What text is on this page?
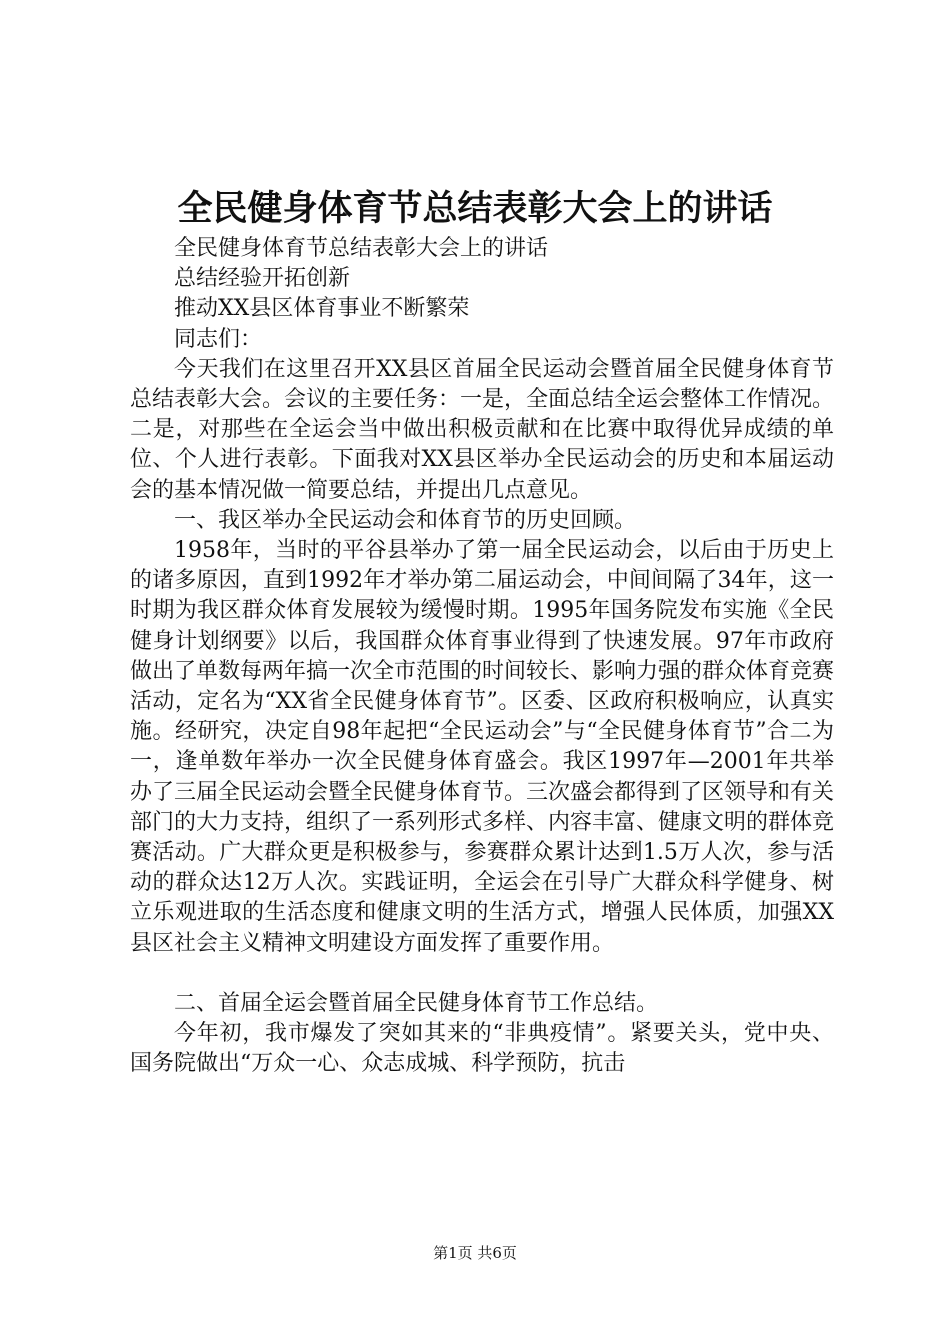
全民健身体育节总结表彰大会上的讲话

全民健身体育节总结表彰大会上的讲话

总结经验开拓创新

推动XX县区体育事业不断繁荣

同志们：

今天我们在这里召开XX县区首届全民运动会暨首届全民健身体育节总结表彰大会。会议的主要任务：一是，全面总结全运会整体工作情况。二是，对那些在全运会当中做出积极贡献和在比赛中取得优异成绩的单位、个人进行表彰。下面我对XX县区举办全民运动会的历史和本届运动会的基本情况做一简要总结，并提出几点意见。

一、我区举办全民运动会和体育节的历史回顾。

1958年，当时的平谷县举办了第一届全民运动会，以后由于历史上的诸多原因，直到1992年才举办第二届运动会，中间间隔了34年，这一时期为我区群众体育发展较为缓慢时期。1995年国务院发布实施《全民健身计划纲要》以后，我国群众体育事业得到了快速发展。97年市政府做出了单数每两年搞一次全市范围的时间较长、影响力强的群众体育竞赛活动，定名为“XX省全民健身体育节”。区委、区政府积极响应，认真实施。经研究，决定自98年起把“全民运动会”与“全民健身体育节”合二为一，逢单数年举办一次全民健身体育盛会。我区1997年—2001年共举办了三届全民运动会暨全民健身体育节。三次盛会都得到了区领导和有关部门的大力支持，组织了一系列形式多样、内容丰富、健康文明的群体竞赛活动。广大群众更是积极参与，参赛群众累计达到1.5万人次，参与活动的群众达12万人次。实践证明，全运会在引导广大群众科学健身、树立乐观进取的生活态度和健康文明的生活方式，增强人民体质，加强XX县区社会主义精神文明建设方面发挥了重要作用。

二、首届全运会暨首届全民健身体育节工作总结。

今年初，我市爆发了突如其来的“非典疫情”。紧要关头，党中央、国务院做出“万众一心、众志成城、科学预防，抗击

第1页 共6页
